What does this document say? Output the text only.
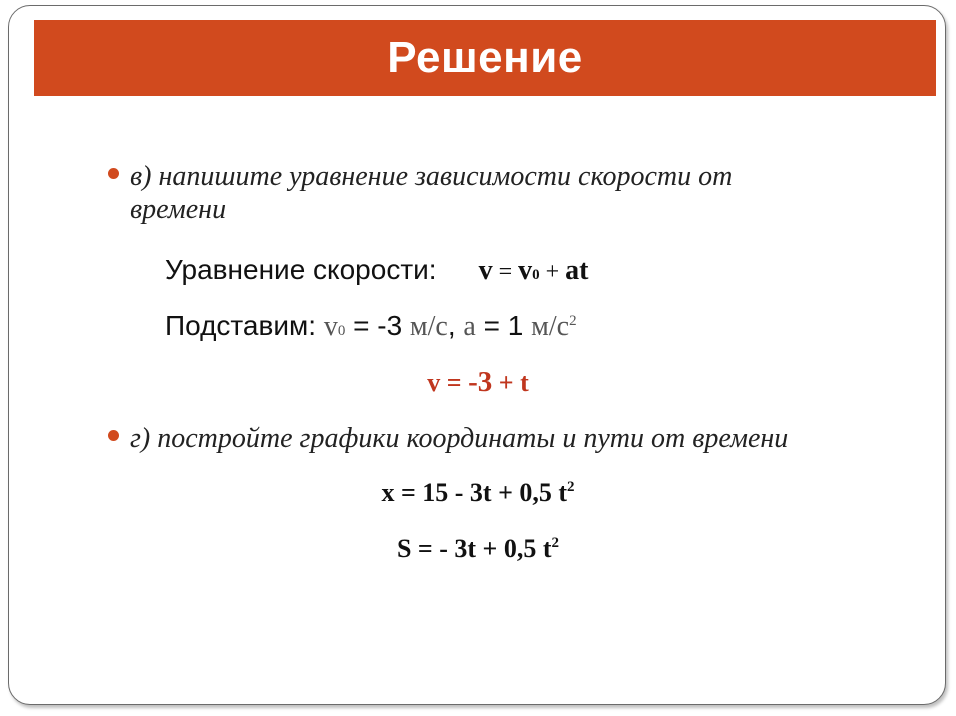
Решение
в) напишите уравнение зависимости скорости от
времени
Уравнение скорости: v = v0 + at
Подставим: v0 = -3 м/с, a = 1 $м/с^2$
v = -3 + t
г) постройте графики координаты и пути от времени
x = 15 - 3t + 0,5 $t^2$
S = - 3t + 0,5 $t^2$
